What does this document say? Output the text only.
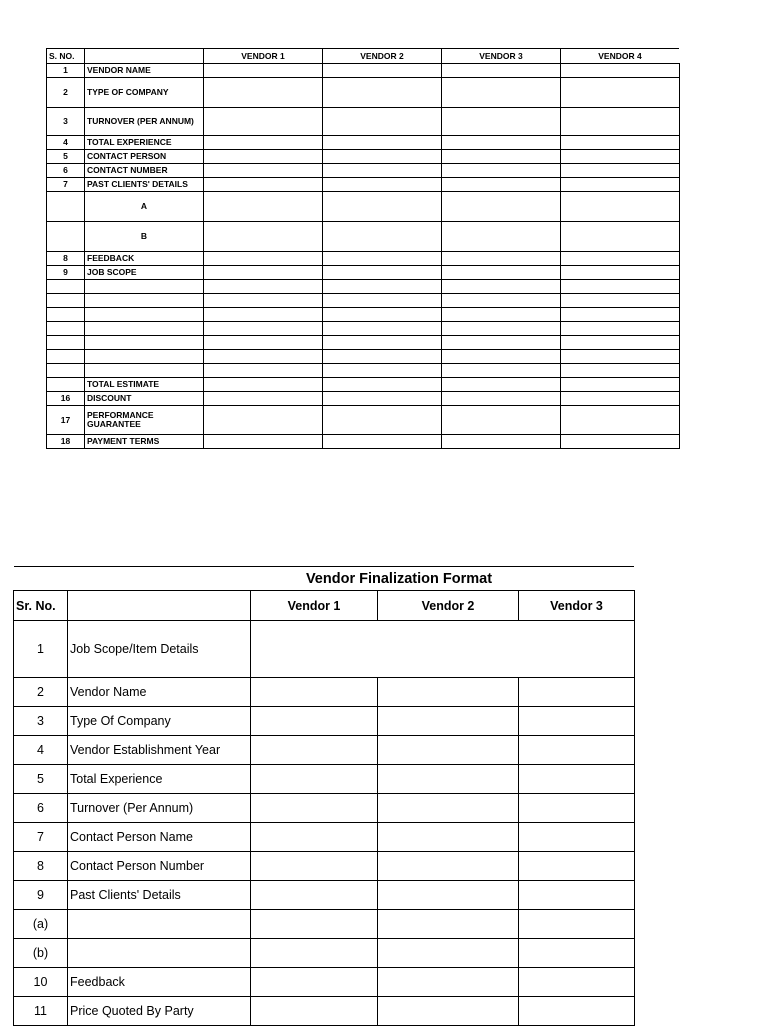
S. NO.		VENDOR 1	VENDOR 2	VENDOR 3	VENDOR 4
1	VENDOR NAME				
2	TYPE OF COMPANY				
3	TURNOVER (PER ANNUM)				
4	TOTAL EXPERIENCE				
5	CONTACT PERSON				
6	CONTACT NUMBER				
7	PAST CLIENTS' DETAILS				
	A				
	B				
8	FEEDBACK				
9	JOB SCOPE				

	TOTAL ESTIMATE				
16	DISCOUNT				
17	PERFORMANCE GUARANTEE				
18	PAYMENT TERMS				
Vendor Finalization Format
Sr. No.		Vendor 1	Vendor 2	Vendor 3
1	Job Scope/Item Details			
2	Vendor Name			
3	Type Of Company			
4	Vendor Establishment Year			
5	Total Experience			
6	Turnover (Per Annum)			
7	Contact Person Name			
8	Contact Person Number			
9	Past Clients' Details			
(a)				
(b)				
10	Feedback			
11	Price Quoted By Party			
